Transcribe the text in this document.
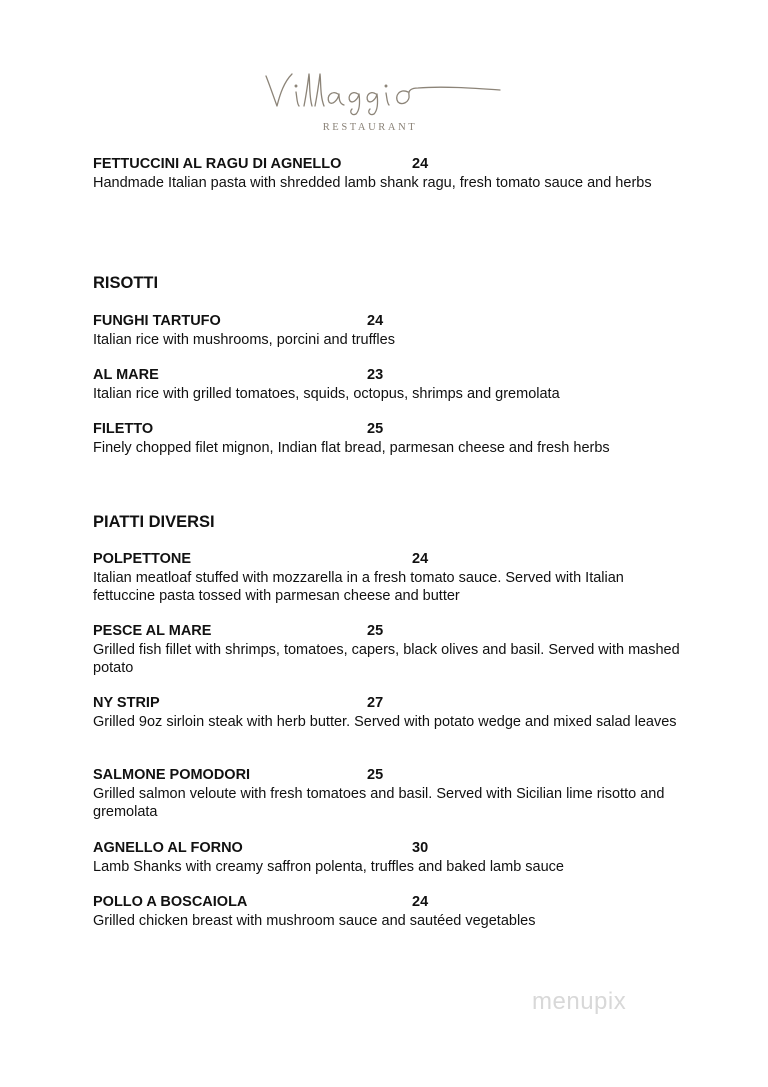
RESTAURANT
FETTUCCINI AL RAGU DI AGNELLO	24
Handmade Italian pasta with shredded lamb shank ragu, fresh tomato sauce and herbs
RISOTTI
FUNGHI TARTUFO	24
Italian rice with mushrooms, porcini and truffles
AL MARE	23
Italian rice with grilled tomatoes, squids, octopus, shrimps and gremolata
FILETTO	25
Finely chopped filet mignon, Indian flat bread, parmesan cheese and fresh herbs
PIATTI DIVERSI
POLPETTONE	24
Italian meatloaf stuffed with mozzarella in a fresh tomato sauce. Served with Italian fettuccine pasta tossed with parmesan cheese and butter
PESCE AL MARE	25
Grilled fish fillet with shrimps, tomatoes, capers, black olives and basil. Served with mashed potato
NY STRIP	27
Grilled 9oz sirloin steak with herb butter. Served with potato wedge and mixed salad leaves
SALMONE POMODORI	25
Grilled salmon veloute with fresh tomatoes and basil. Served with Sicilian lime risotto and gremolata
AGNELLO AL FORNO	30
Lamb Shanks with creamy saffron polenta, truffles and baked lamb sauce
POLLO A BOSCAIOLA	24
Grilled chicken breast with mushroom sauce and sautéed vegetables
menupix
